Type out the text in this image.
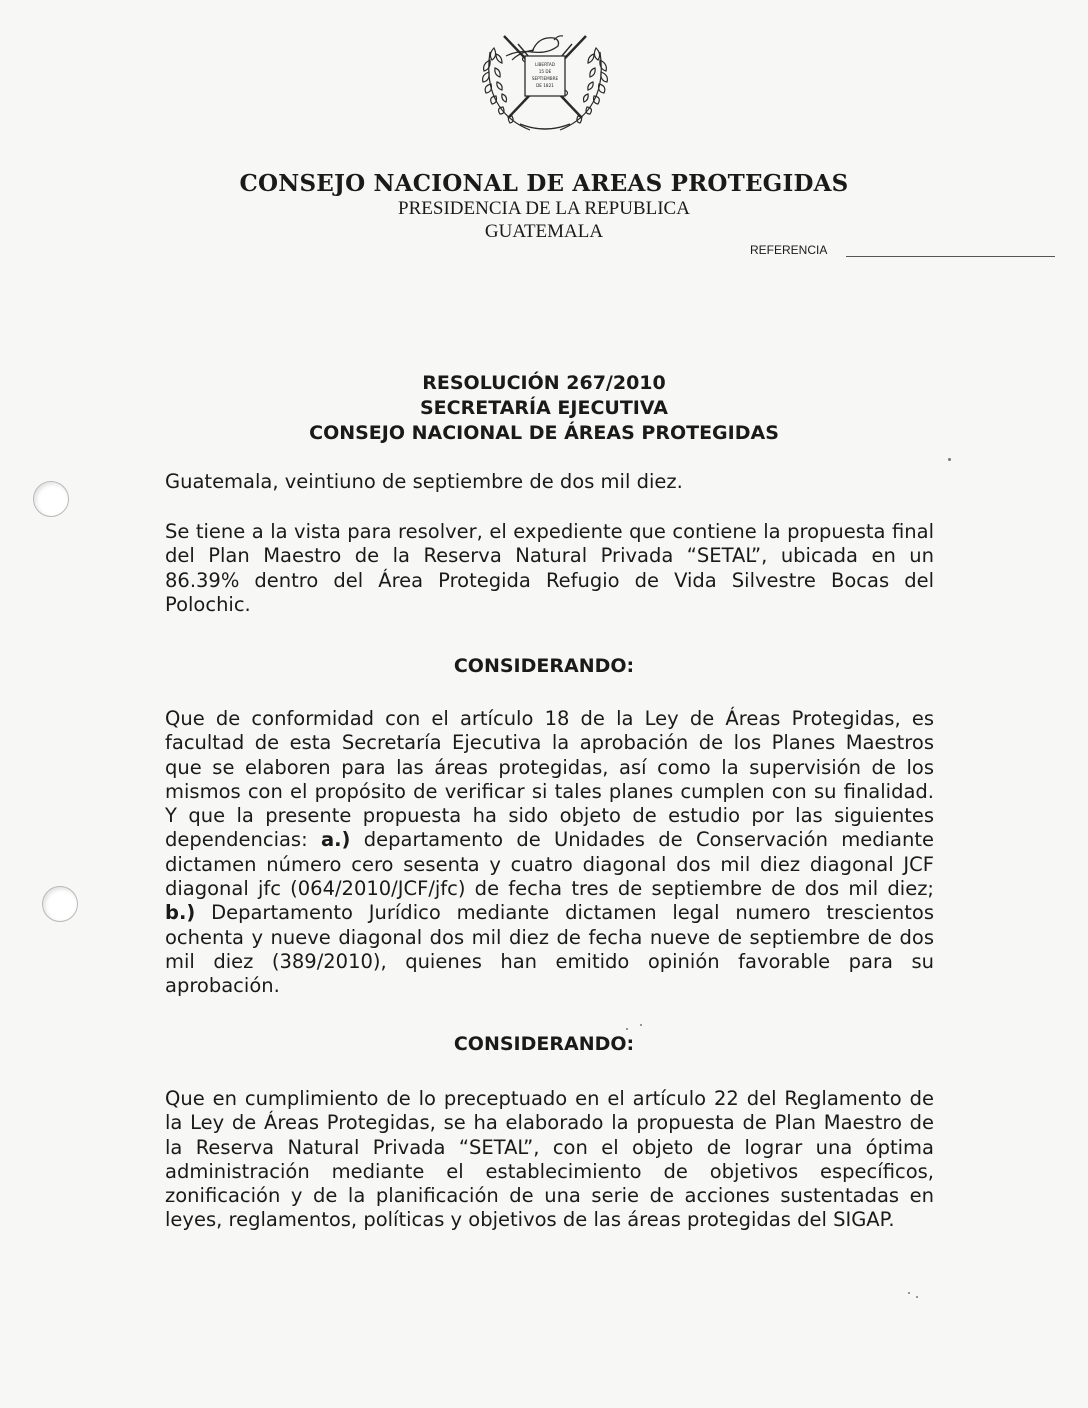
LIBERTAD
15 DE
SEPTIEMBRE
DE 1821
CONSEJO NACIONAL DE AREAS PROTEGIDAS
PRESIDENCIA DE LA REPUBLICA
GUATEMALA
REFERENCIA
RESOLUCIÓN 267/2010
SECRETARÍA EJECUTIVA
CONSEJO NACIONAL DE ÁREAS PROTEGIDAS
Guatemala, veintiuno de septiembre de dos mil diez.
Se tiene a la vista para resolver, el expediente que contiene la propuesta final del Plan Maestro de la Reserva Natural Privada “SETAL”, ubicada en un 86.39% dentro del Área Protegida Refugio de Vida Silvestre Bocas del Polochic.
CONSIDERANDO:
Que de conformidad con el artículo 18 de la Ley de Áreas Protegidas, es facultad de esta Secretaría Ejecutiva la aprobación de los Planes Maestros que se elaboren para las áreas protegidas, así como la supervisión de los mismos con el propósito de verificar si tales planes cumplen con su finalidad. Y que la presente propuesta ha sido objeto de estudio por las siguientes dependencias: a.) departamento de Unidades de Conservación mediante dictamen número cero sesenta y cuatro diagonal dos mil diez diagonal JCF diagonal jfc (064/2010/JCF/jfc) de fecha tres de septiembre de dos mil diez; b.) Departamento Jurídico mediante dictamen legal numero trescientos ochenta y nueve diagonal dos mil diez de fecha nueve de septiembre de dos mil diez (389/2010), quienes han emitido opinión favorable para su aprobación.
CONSIDERANDO:
Que en cumplimiento de lo preceptuado en el artículo 22 del Reglamento de la Ley de Áreas Protegidas, se ha elaborado la propuesta de Plan Maestro de la Reserva Natural Privada “SETAL”, con el objeto de lograr una óptima administración mediante el establecimiento de objetivos específicos, zonificación y de la planificación de una serie de acciones sustentadas en leyes, reglamentos, políticas y objetivos de las áreas protegidas del SIGAP.
